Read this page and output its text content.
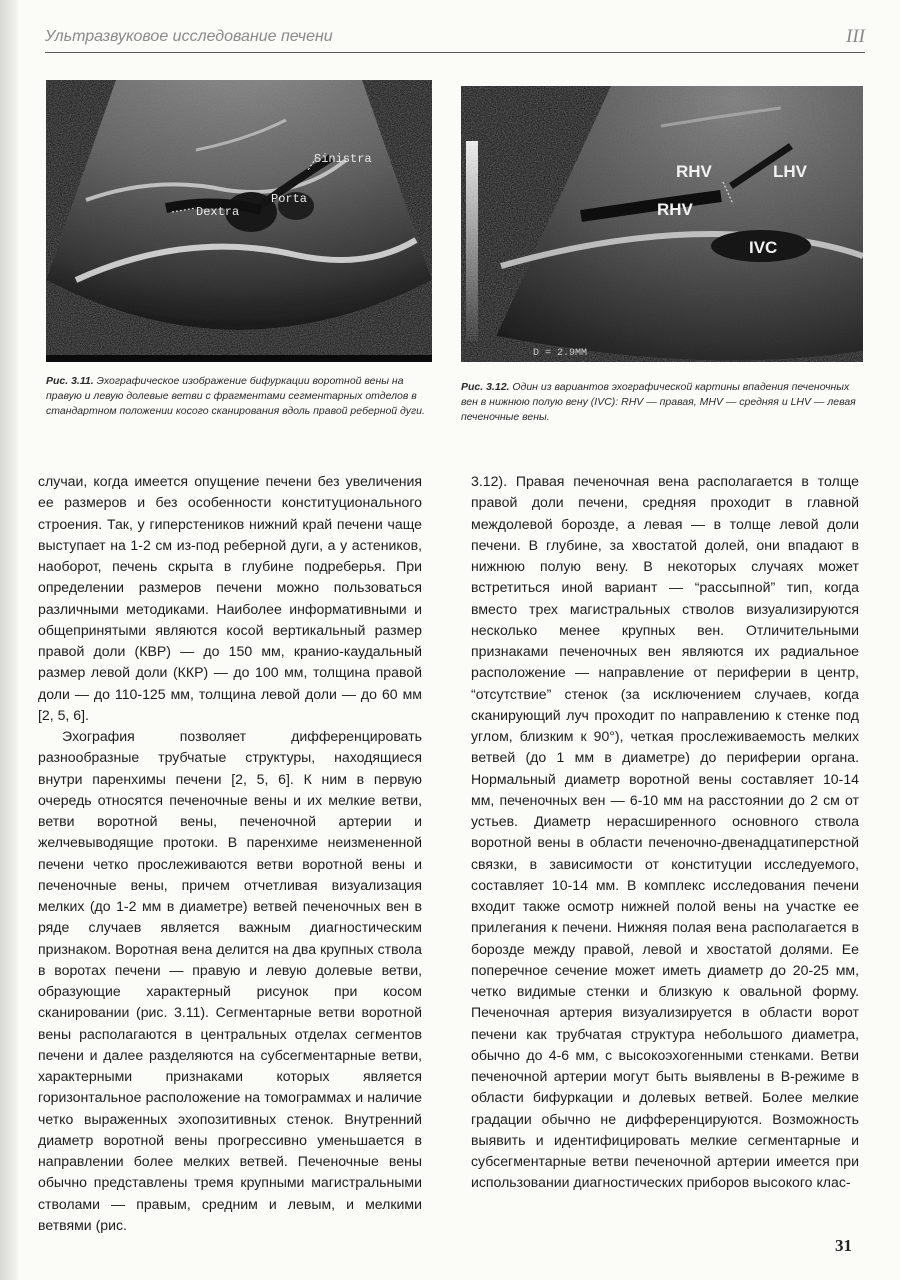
Ультразвуковое исследование печени	III
Sinistra
Dextra
Porta
RHV	LHV
RHV
IVC
D = 2.9MM
Рис. 3.11. Эхографическое изображение бифуркации воротной вены на правую и левую долевые ветви с фрагментами сегментарных отделов в стандартном положении косого сканирования вдоль правой реберной дуги.
Рис. 3.12. Один из вариантов эхографической картины впадения печеночных вен в нижнюю полую вену (IVC): RHV — правая, MHV — средняя и LHV — левая печеночные вены.

случаи, когда имеется опущение печени без увеличения ее размеров и без особенности конституционального строения. Так, у гиперстеников нижний край печени чаще выступает на 1-2 см из-под реберной дуги, а у астеников, наоборот, печень скрыта в глубине подреберья. При определении размеров печени можно пользоваться различными методиками. Наиболее информативными и общепринятыми являются косой вертикальный размер правой доли (КВР) — до 150 мм, кранио-каудальный размер левой доли (ККР) — до 100 мм, толщина правой доли — до 110-125 мм, толщина левой доли — до 60 мм [2, 5, 6].

Эхография позволяет дифференцировать разнообразные трубчатые структуры, находящиеся внутри паренхимы печени [2, 5, 6]. К ним в первую очередь относятся печеночные вены и их мелкие ветви, ветви воротной вены, печеночной артерии и желчевыводящие протоки. В паренхиме неизмененной печени четко прослеживаются ветви воротной вены и печеночные вены, причем отчетливая визуализация мелких (до 1-2 мм в диаметре) ветвей печеночных вен в ряде случаев является важным диагностическим признаком. Воротная вена делится на два крупных ствола в воротах печени — правую и левую долевые ветви, образующие характерный рисунок при косом сканировании (рис. 3.11). Сегментарные ветви воротной вены располагаются в центральных отделах сегментов печени и далее разделяются на субсегментарные ветви, характерными признаками которых является горизонтальное расположение на томограммах и наличие четко выраженных эхопозитивных стенок. Внутренний диаметр воротной вены прогрессивно уменьшается в направлении более мелких ветвей. Печеночные вены обычно представлены тремя крупными магистральными стволами — правым, средним и левым, и мелкими ветвями (рис.

3.12). Правая печеночная вена располагается в толще правой доли печени, средняя проходит в главной междолевой борозде, а левая — в толще левой доли печени. В глубине, за хвостатой долей, они впадают в нижнюю полую вену. В некоторых случаях может встретиться иной вариант — “рассыпной” тип, когда вместо трех магистральных стволов визуализируются несколько менее крупных вен. Отличительными признаками печеночных вен являются их радиальное расположение — направление от периферии в центр, “отсутствие” стенок (за исключением случаев, когда сканирующий луч проходит по направлению к стенке под углом, близким к 90°), четкая прослеживаемость мелких ветвей (до 1 мм в диаметре) до периферии органа. Нормальный диаметр воротной вены составляет 10-14 мм, печеночных вен — 6-10 мм на расстоянии до 2 см от устьев. Диаметр нерасширенного основного ствола воротной вены в области печеночно-двенадцатиперстной связки, в зависимости от конституции исследуемого, составляет 10-14 мм. В комплекс исследования печени входит также осмотр нижней полой вены на участке ее прилегания к печени. Нижняя полая вена располагается в борозде между правой, левой и хвостатой долями. Ее поперечное сечение может иметь диаметр до 20-25 мм, четко видимые стенки и близкую к овальной форму. Печеночная артерия визуализируется в области ворот печени как трубчатая структура небольшого диаметра, обычно до 4-6 мм, с высокоэхогенными стенками. Ветви печеночной артерии могут быть выявлены в В-режиме в области бифуркации и долевых ветвей. Более мелкие градации обычно не дифференцируются. Возможность выявить и идентифицировать мелкие сегментарные и субсегментарные ветви печеночной артерии имеется при использовании диагностических приборов высокого клас-

31
